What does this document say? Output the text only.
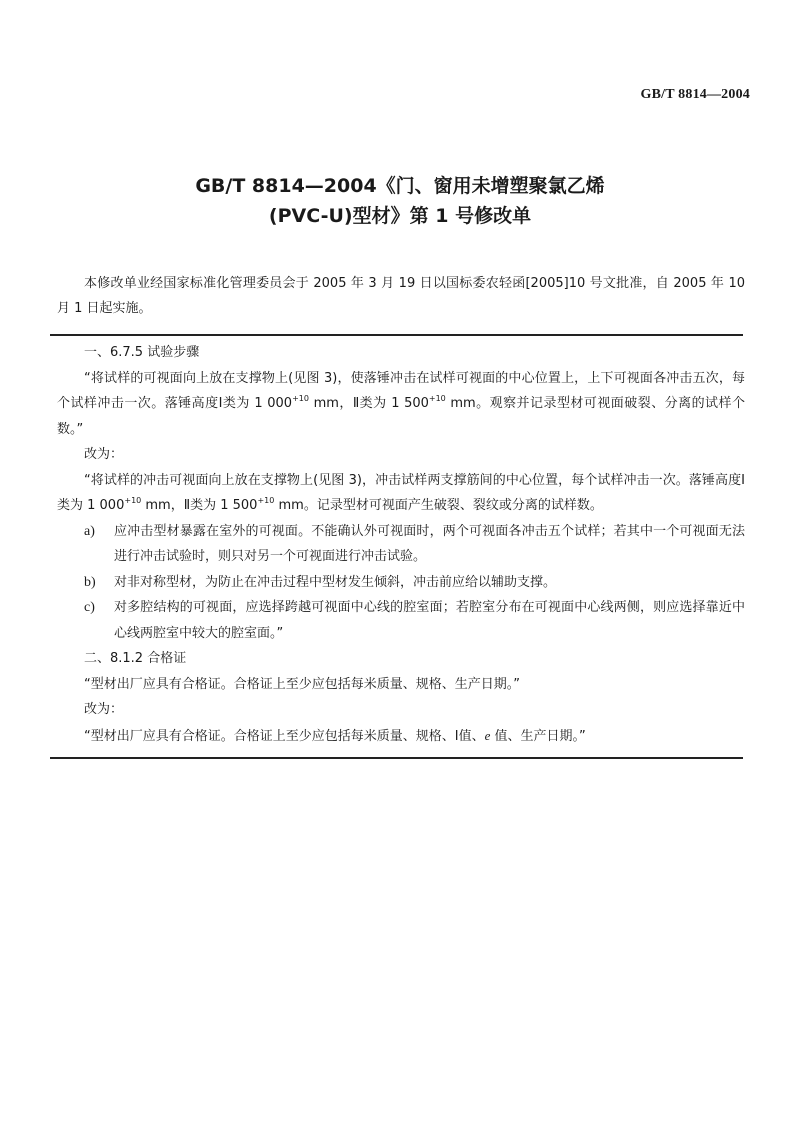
GB/T 8814—2004
GB/T 8814—2004《门、窗用未增塑聚氯乙烯
(PVC-U)型材》第 1 号修改单
本修改单业经国家标准化管理委员会于 2005 年 3 月 19 日以国标委农轻函[2005]10 号文批准，自 2005 年 10 月 1 日起实施。

一、6.7.5 试验步骤

“将试样的可视面向上放在支撑物上(见图 3)，使落锤冲击在试样可视面的中心位置上，上下可视面各冲击五次，每个试样冲击一次。落锤高度Ⅰ类为 1 $000^{+10}$ mm，Ⅱ类为 1 $500^{+10}$ mm。观察并记录型材可视面破裂、分离的试样个数。”

改为：

“将试样的冲击可视面向上放在支撑物上(见图 3)，冲击试样两支撑筋间的中心位置，每个试样冲击一次。落锤高度Ⅰ类为 1 $000^{+10}$ mm，Ⅱ类为 1 $500^{+10}$ mm。记录型材可视面产生破裂、裂纹或分离的试样数。

a)	应冲击型材暴露在室外的可视面。不能确认外可视面时，两个可视面各冲击五个试样；若其中一个可视面无法进行冲击试验时，则只对另一个可视面进行冲击试验。
b)	对非对称型材，为防止在冲击过程中型材发生倾斜，冲击前应给以辅助支撑。
c)	对多腔结构的可视面，应选择跨越可视面中心线的腔室面；若腔室分布在可视面中心线两侧，则应选择靠近中心线两腔室中较大的腔室面。”

二、8.1.2 合格证

“型材出厂应具有合格证。合格证上至少应包括每米质量、规格、生产日期。”

改为：

“型材出厂应具有合格证。合格证上至少应包括每米质量、规格、Ⅰ值、e 值、生产日期。”
